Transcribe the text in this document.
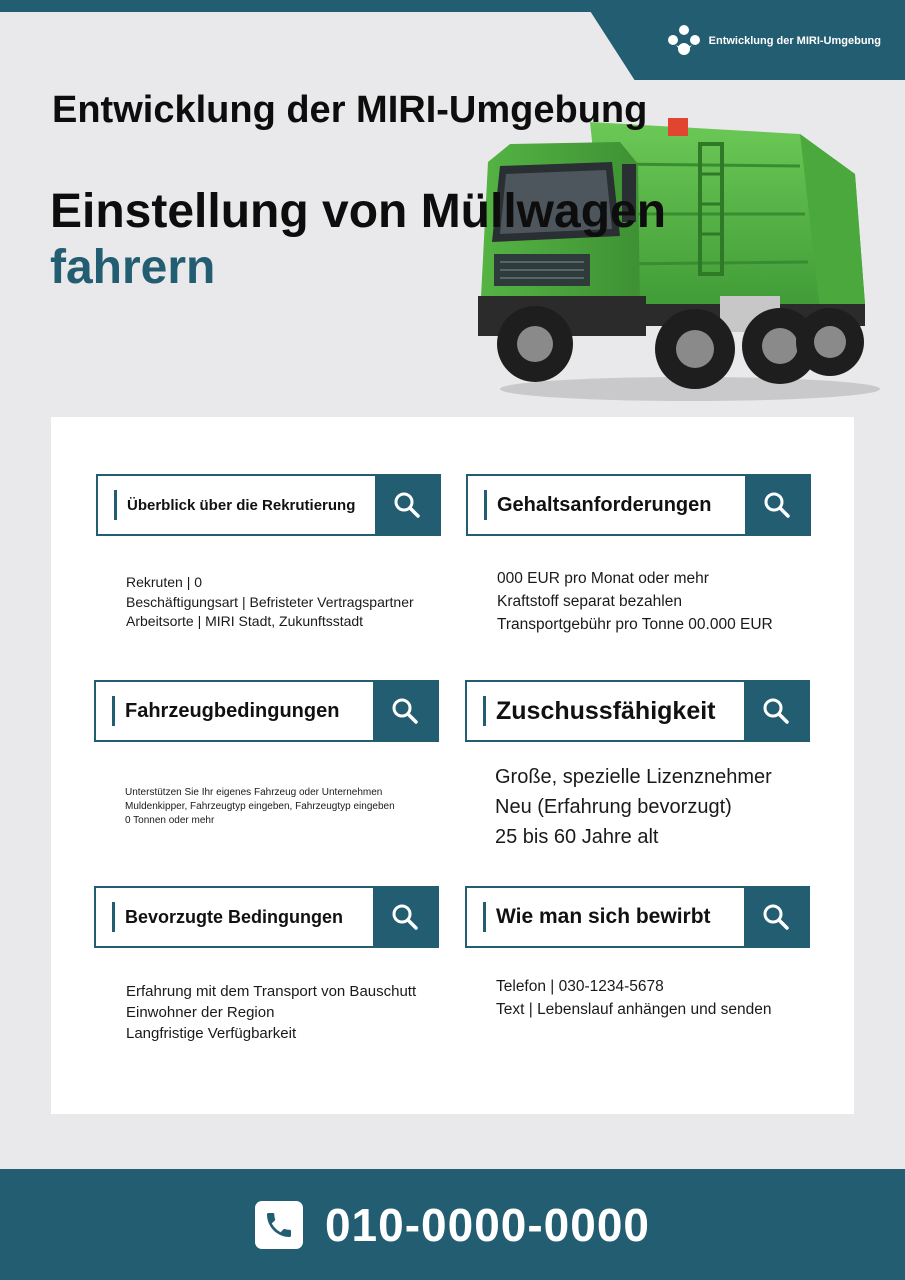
Entwicklung der MIRI-Umgebung
Entwicklung der MIRI-Umgebung
Einstellung von Müllwagen
fahrern
Überblick über die Rekrutierung
Rekruten | 0
Beschäftigungsart | Befristeter Vertragspartner
Arbeitsorte | MIRI Stadt, Zukunftsstadt
Gehaltsanforderungen
000 EUR pro Monat oder mehr
Kraftstoff separat bezahlen
Transportgebühr pro Tonne 00.000 EUR
Fahrzeugbedingungen
Unterstützen Sie Ihr eigenes Fahrzeug oder Unternehmen
Muldenkipper, Fahrzeugtyp eingeben, Fahrzeugtyp eingeben
0 Tonnen oder mehr
Zuschussfähigkeit
Große, spezielle Lizenznehmer
Neu (Erfahrung bevorzugt)
25 bis 60 Jahre alt
Bevorzugte Bedingungen
Erfahrung mit dem Transport von Bauschutt
Einwohner der Region
Langfristige Verfügbarkeit
Wie man sich bewirbt
Telefon | 030-1234-5678
Text | Lebenslauf anhängen und senden
010-0000-0000
